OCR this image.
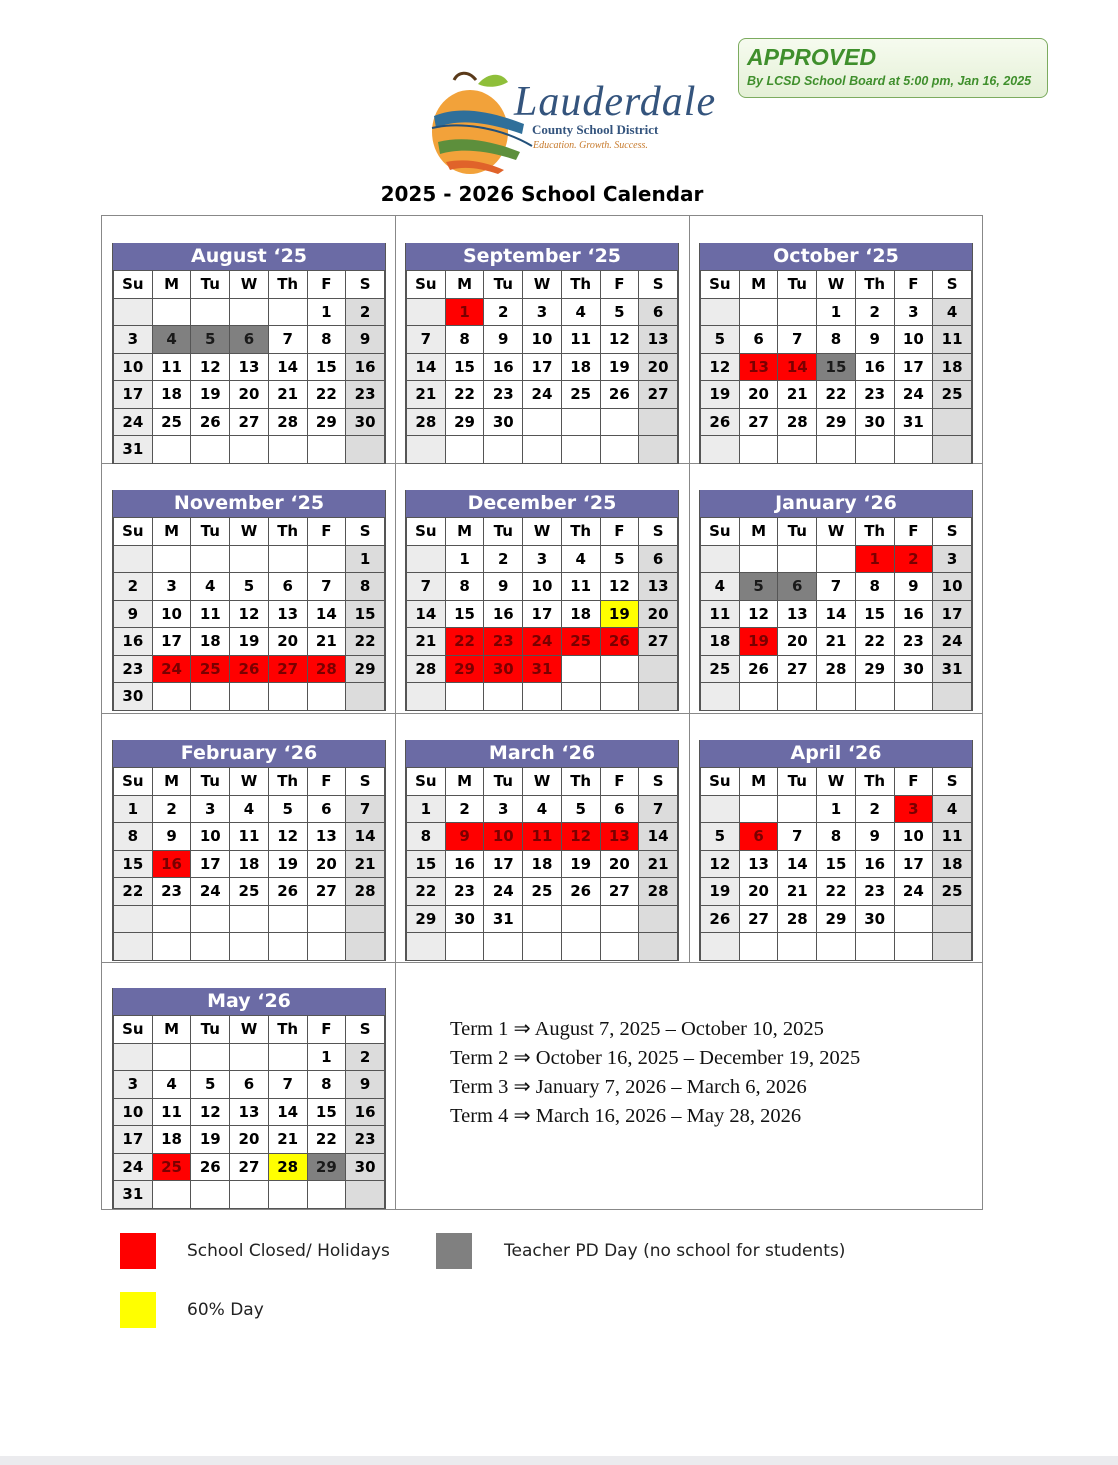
APPROVED
By LCSD School Board at 5:00 pm, Jan 16, 2025
Lauderdale
County School District
Education. Growth. Success.
2025 - 2026 School Calendar
August ‘25
Su	M	Tu	W	Th	F	S
					1	2
3	4	5	6	7	8	9
10	11	12	13	14	15	16
17	18	19	20	21	22	23
24	25	26	27	28	29	30
31						
September ‘25
Su	M	Tu	W	Th	F	S
	1	2	3	4	5	6
7	8	9	10	11	12	13
14	15	16	17	18	19	20
21	22	23	24	25	26	27
28	29	30				

October ‘25
Su	M	Tu	W	Th	F	S
			1	2	3	4
5	6	7	8	9	10	11
12	13	14	15	16	17	18
19	20	21	22	23	24	25
26	27	28	29	30	31	

November ‘25
Su	M	Tu	W	Th	F	S
						1
2	3	4	5	6	7	8
9	10	11	12	13	14	15
16	17	18	19	20	21	22
23	24	25	26	27	28	29
30						
December ‘25
Su	M	Tu	W	Th	F	S
	1	2	3	4	5	6
7	8	9	10	11	12	13
14	15	16	17	18	19	20
21	22	23	24	25	26	27
28	29	30	31			

January ‘26
Su	M	Tu	W	Th	F	S
				1	2	3
4	5	6	7	8	9	10
11	12	13	14	15	16	17
18	19	20	21	22	23	24
25	26	27	28	29	30	31

February ‘26
Su	M	Tu	W	Th	F	S
1	2	3	4	5	6	7
8	9	10	11	12	13	14
15	16	17	18	19	20	21
22	23	24	25	26	27	28

March ‘26
Su	M	Tu	W	Th	F	S
1	2	3	4	5	6	7
8	9	10	11	12	13	14
15	16	17	18	19	20	21
22	23	24	25	26	27	28
29	30	31				

April ‘26
Su	M	Tu	W	Th	F	S
			1	2	3	4
5	6	7	8	9	10	11
12	13	14	15	16	17	18
19	20	21	22	23	24	25
26	27	28	29	30		

May ‘26
Su	M	Tu	W	Th	F	S
					1	2
3	4	5	6	7	8	9
10	11	12	13	14	15	16
17	18	19	20	21	22	23
24	25	26	27	28	29	30
31						
Term 1 ⇒ August 7, 2025 – October 10, 2025
Term 2 ⇒ October 16, 2025 – December 19, 2025
Term 3 ⇒ January 7, 2026 – March 6, 2026
Term 4 ⇒ March 16, 2026 – May 28, 2026
School Closed/ Holidays	Teacher PD Day (no school for students)
60% Day
